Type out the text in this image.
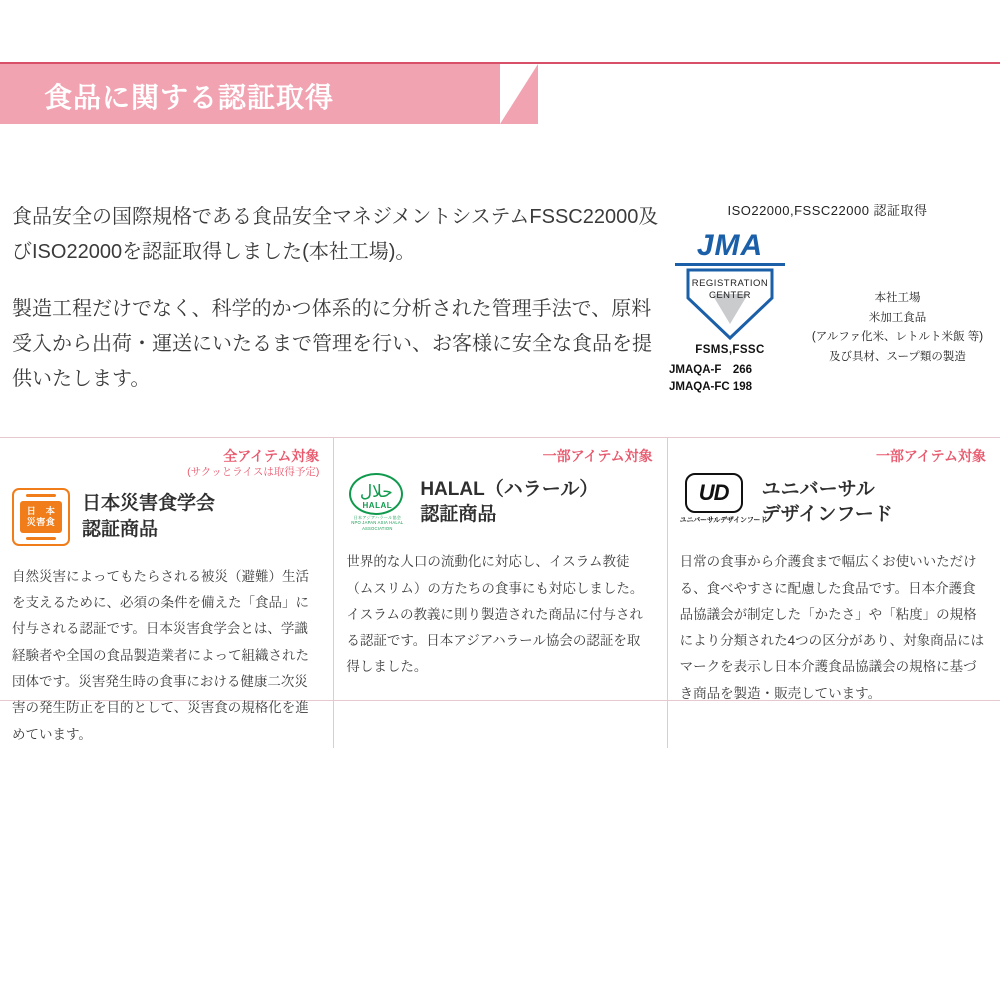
食品に関する認証取得

食品安全の国際規格である食品安全マネジメントシステムFSSC22000及びISO22000を認証取得しました(本社工場)。

製造工程だけでなく、科学的かつ体系的に分析された管理手法で、原料受入から出荷・運送にいたるまで管理を行い、お客様に安全な食品を提供いたします。

ISO22000,FSSC22000 認証取得
JMA
REGISTRATION
CENTER
FSMS,FSSC
JMAQA-F　266
JMAQA-FC 198
本社工場
米加工食品
(アルファ化米、レトルト米飯 等)
及び具材、スープ類の製造
全アイテム対象
(サクッとライスは取得予定)
日　本
災害食
日本災害食学会
認証商品
自然災害によってもたらされる被災（避難）生活を支えるために、必須の条件を備えた「食品」に付与される認証です。日本災害食学会とは、学識経験者や全国の食品製造業者によって組織された団体です。災害発生時の食事における健康二次災害の発生防止を目的として、災害食の規格化を進めています。
一部アイテム対象
حلال
HALAL
日本アジアハラール協会
NPO JAPAN ASIA HALAL ASSOCIATION
HALAL（ハラール）
認証商品
世界的な人口の流動化に対応し、イスラム教徒（ムスリム）の方たちの食事にも対応しました。イスラムの教義に則り製造された商品に付与される認証です。日本アジアハラール協会の認証を取得しました。
一部アイテム対象
UD
ユニバーサルデザインフード
ユニバーサル
デザインフード
日常の食事から介護食まで幅広くお使いいただける、食べやすさに配慮した食品です。日本介護食品協議会が制定した「かたさ」や「粘度」の規格により分類された4つの区分があり、対象商品にはマークを表示し日本介護食品協議会の規格に基づき商品を製造・販売しています。
